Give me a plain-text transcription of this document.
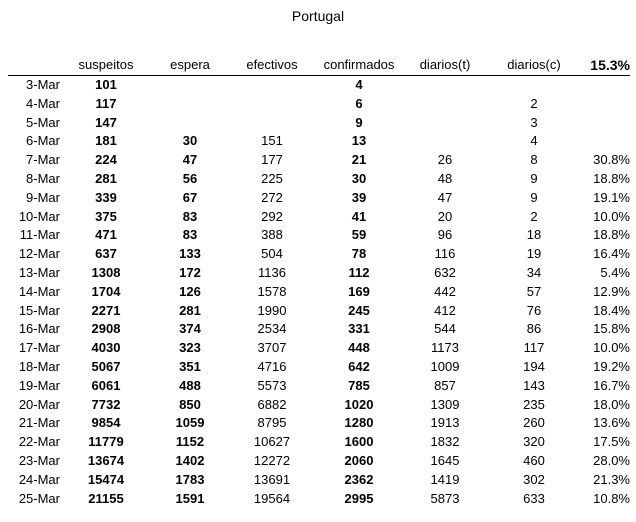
Portugal
	suspeitos	espera	efectivos	confirmados	diarios(t)	diarios(c)	15.3%
3-Mar	101			4			
4-Mar	117			6		2	
5-Mar	147			9		3	
6-Mar	181	30	151	13		4	
7-Mar	224	47	177	21	26	8	30.8%
8-Mar	281	56	225	30	48	9	18.8%
9-Mar	339	67	272	39	47	9	19.1%
10-Mar	375	83	292	41	20	2	10.0%
11-Mar	471	83	388	59	96	18	18.8%
12-Mar	637	133	504	78	116	19	16.4%
13-Mar	1308	172	1136	112	632	34	5.4%
14-Mar	1704	126	1578	169	442	57	12.9%
15-Mar	2271	281	1990	245	412	76	18.4%
16-Mar	2908	374	2534	331	544	86	15.8%
17-Mar	4030	323	3707	448	1173	117	10.0%
18-Mar	5067	351	4716	642	1009	194	19.2%
19-Mar	6061	488	5573	785	857	143	16.7%
20-Mar	7732	850	6882	1020	1309	235	18.0%
21-Mar	9854	1059	8795	1280	1913	260	13.6%
22-Mar	11779	1152	10627	1600	1832	320	17.5%
23-Mar	13674	1402	12272	2060	1645	460	28.0%
24-Mar	15474	1783	13691	2362	1419	302	21.3%
25-Mar	21155	1591	19564	2995	5873	633	10.8%
